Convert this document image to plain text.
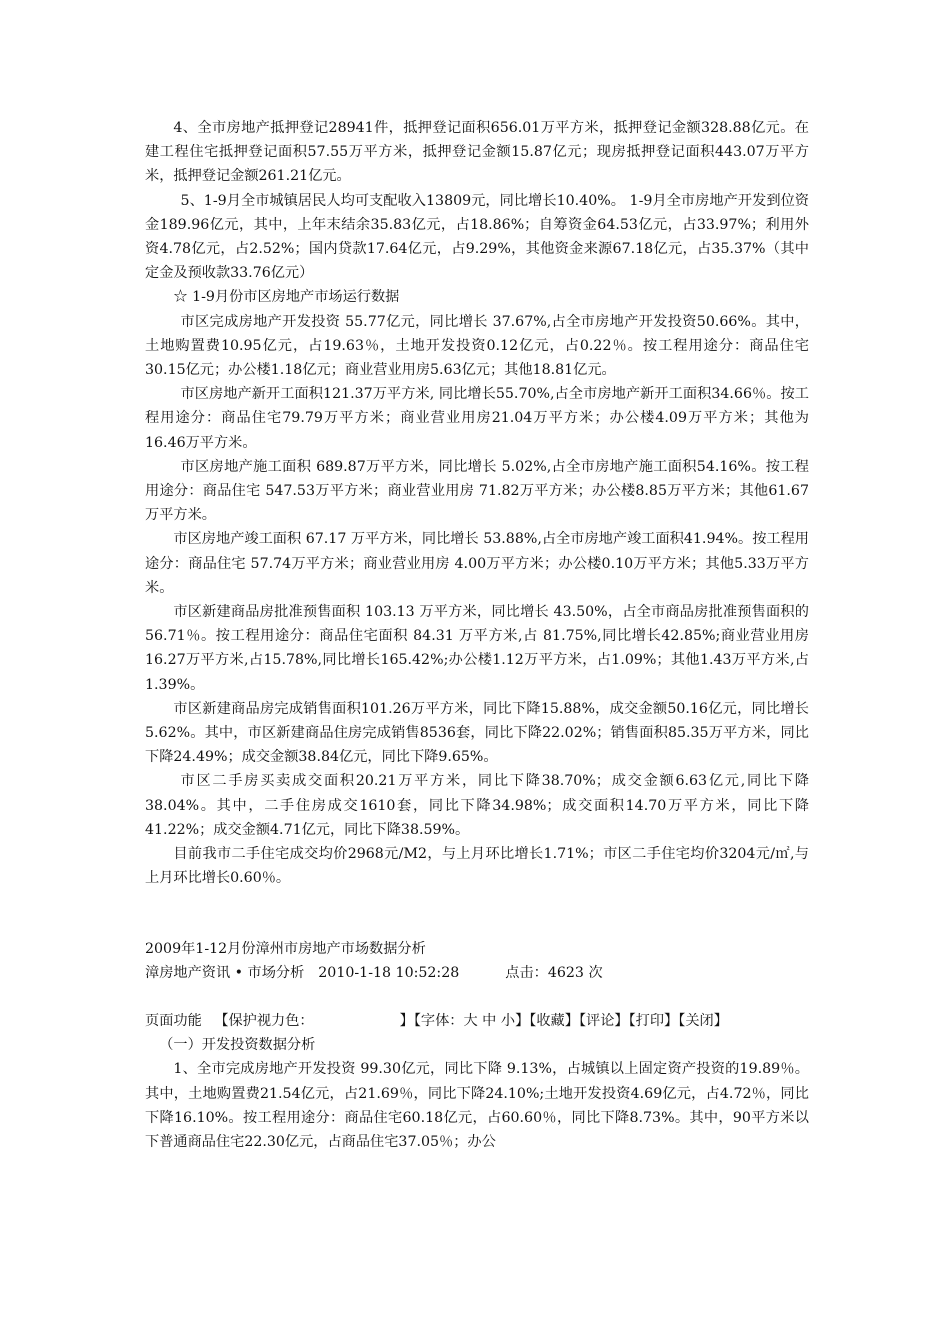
4、全市房地产抵押登记28941件，抵押登记面积656.01万平方米，抵押登记金额328.88亿元。在建工程住宅抵押登记面积57.55万平方米，抵押登记金额15.87亿元；现房抵押登记面积443.07万平方米，抵押登记金额261.21亿元。

5、1-9月全市城镇居民人均可支配收入13809元，同比增长10.40%。 1-9月全市房地产开发到位资金189.96亿元，其中，上年末结余35.83亿元，占18.86%；自筹资金64.53亿元，占33.97%；利用外资4.78亿元，占2.52%；国内贷款17.64亿元，占9.29%，其他资金来源67.18亿元，占35.37%（其中定金及预收款33.76亿元）

☆ 1-9月份市区房地产市场运行数据

市区完成房地产开发投资 55.77亿元，同比增长 37.67%,占全市房地产开发投资50.66%。其中，土地购置费10.95亿元，占19.63％，土地开发投资0.12亿元，占0.22％。按工程用途分：商品住宅30.15亿元；办公楼1.18亿元；商业营业用房5.63亿元；其他18.81亿元。

市区房地产新开工面积121.37万平方米, 同比增长55.70%,占全市房地产新开工面积34.66％。按工程用途分：商品住宅79.79万平方米；商业营业用房21.04万平方米；办公楼4.09万平方米；其他为16.46万平方米。

市区房地产施工面积 689.87万平方米，同比增长 5.02%,占全市房地产施工面积54.16%。按工程用途分：商品住宅 547.53万平方米；商业营业用房 71.82万平方米；办公楼8.85万平方米；其他61.67万平方米。

市区房地产竣工面积 67.17 万平方米，同比增长 53.88%,占全市房地产竣工面积41.94%。按工程用途分：商品住宅 57.74万平方米；商业营业用房 4.00万平方米；办公楼0.10万平方米；其他5.33万平方米。

市区新建商品房批准预售面积 103.13 万平方米，同比增长 43.50%，占全市商品房批准预售面积的 56.71％。按工程用途分：商品住宅面积 84.31 万平方米,占 81.75%,同比增长42.85%;商业营业用房16.27万平方米,占15.78%,同比增长165.42%;办公楼1.12万平方米，占1.09%；其他1.43万平方米,占1.39%。

市区新建商品房完成销售面积101.26万平方米，同比下降15.88%，成交金额50.16亿元，同比增长5.62%。其中，市区新建商品住房完成销售8536套，同比下降22.02%；销售面积85.35万平方米，同比下降24.49%；成交金额38.84亿元，同比下降9.65%。

市区二手房买卖成交面积20.21万平方米，同比下降38.70%；成交金额6.63亿元,同比下降38.04%。其中，二手住房成交1610套，同比下降34.98%；成交面积14.70万平方米，同比下降41.22%；成交金额4.71亿元，同比下降38.59%。

目前我市二手住宅成交均价2968元/M2，与上月环比增长1.71%；市区二手住宅均价3204元/㎡,与上月环比增长0.60％。

2009年1-12月份漳州市房地产市场数据分析

漳房地产资讯 • 市场分析 2010-1-18 10:52:28	点击：4623 次

页面功能 【保护视力色：	】【字体：大 中 小】【收藏】【评论】【打印】【关闭】

（一）开发投资数据分析

1、全市完成房地产开发投资 99.30亿元，同比下降 9.13%，占城镇以上固定资产投资的19.89％。其中，土地购置费21.54亿元，占21.69％，同比下降24.10%;土地开发投资4.69亿元，占4.72％，同比下降16.10%。按工程用途分：商品住宅60.18亿元，占60.60％，同比下降8.73%。其中，90平方米以下普通商品住宅22.30亿元，占商品住宅37.05％；办公
